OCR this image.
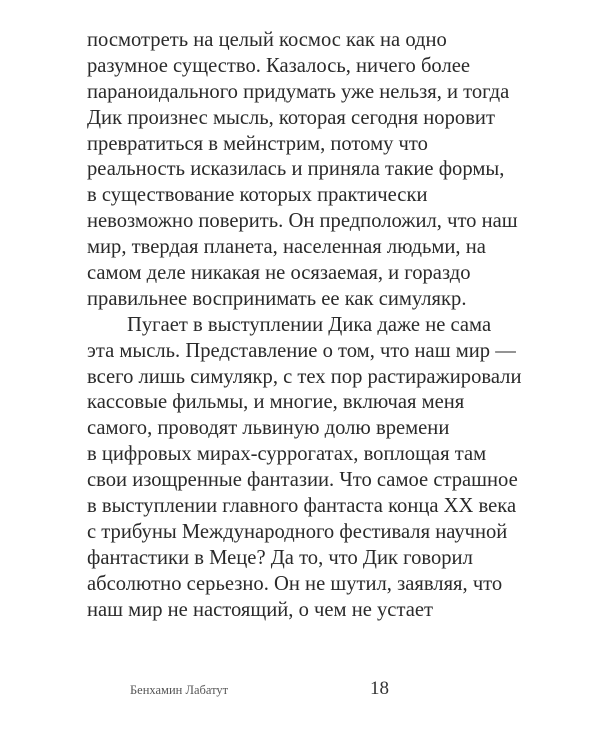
посмотреть на целый космос как на одно
разумное существо. Казалось, ничего более
параноидального придумать уже нельзя, и тогда
Дик произнес мысль, которая сегодня норовит
превратиться в мейнстрим, потому что
реальность исказилась и приняла такие формы,
в существование которых практически
невозможно поверить. Он предположил, что наш
мир, твердая планета, населенная людьми, на
самом деле никакая не осязаемая, и гораздо
правильнее воспринимать ее как симулякр.
Пугает в выступлении Дика даже не сама
эта мысль. Представление о том, что наш мир —
всего лишь симулякр, с тех пор растиражировали
кассовые фильмы, и многие, включая меня
самого, проводят львиную долю времени
в цифровых мирах-суррогатах, воплощая там
свои изощренные фантазии. Что самое страшное
в выступлении главного фантаста конца XX века
с трибуны Международного фестиваля научной
фантастики в Меце? Да то, что Дик говорил
абсолютно серьезно. Он не шутил, заявляя, что
наш мир не настоящий, о чем не устает
Бенхамин Лабатут	18
